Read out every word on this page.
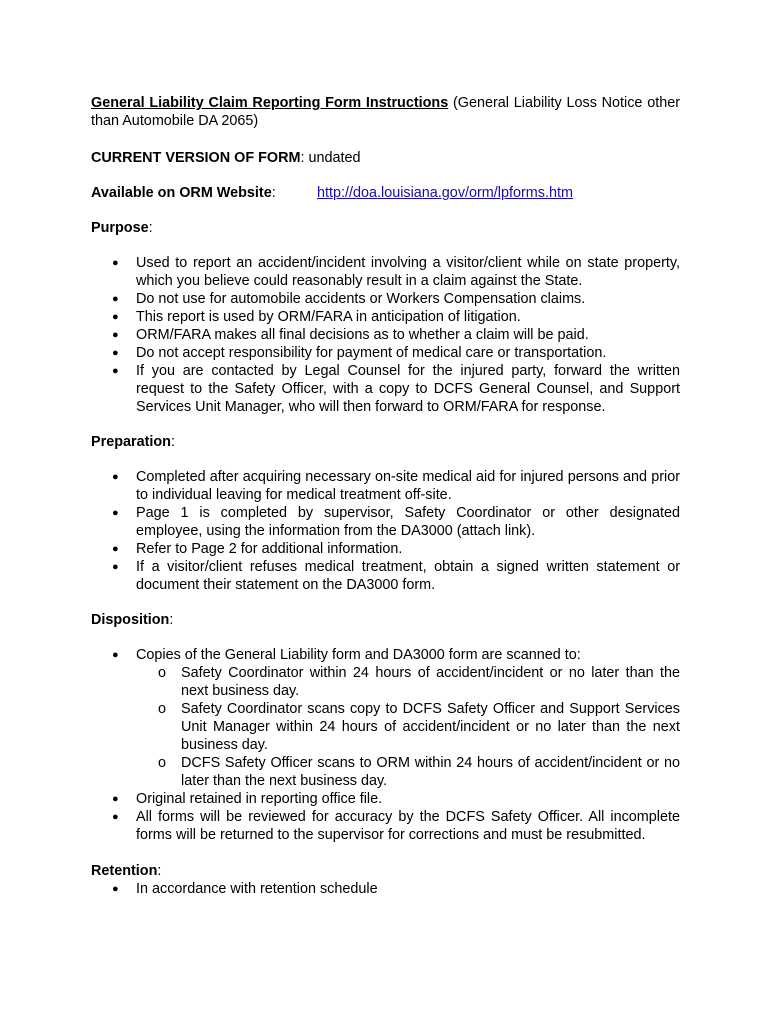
General Liability Claim Reporting Form Instructions (General Liability Loss Notice other than Automobile DA 2065)

CURRENT VERSION OF FORM: undated

Available on ORM Website:	http://doa.louisiana.gov/orm/lpforms.htm

Purpose:

● Used to report an accident/incident involving a visitor/client while on state property, which you believe could reasonably result in a claim against the State.
● Do not use for automobile accidents or Workers Compensation claims.
● This report is used by ORM/FARA in anticipation of litigation.
● ORM/FARA makes all final decisions as to whether a claim will be paid.
● Do not accept responsibility for payment of medical care or transportation.
● If you are contacted by Legal Counsel for the injured party, forward the written request to the Safety Officer, with a copy to DCFS General Counsel, and Support Services Unit Manager, who will then forward to ORM/FARA for response.

Preparation:

● Completed after acquiring necessary on-site medical aid for injured persons and prior to individual leaving for medical treatment off-site.
● Page 1 is completed by supervisor, Safety Coordinator or other designated employee, using the information from the DA3000 (attach link).
● Refer to Page 2 for additional information.
● If a visitor/client refuses medical treatment, obtain a signed written statement or document their statement on the DA3000 form.

Disposition:

● Copies of the General Liability form and DA3000 form are scanned to:
o Safety Coordinator within 24 hours of accident/incident or no later than the next business day.
o Safety Coordinator scans copy to DCFS Safety Officer and Support Services Unit Manager within 24 hours of accident/incident or no later than the next business day.
o DCFS Safety Officer scans to ORM within 24 hours of accident/incident or no later than the next business day.
● Original retained in reporting office file.
● All forms will be reviewed for accuracy by the DCFS Safety Officer. All incomplete forms will be returned to the supervisor for corrections and must be resubmitted.

Retention:

● In accordance with retention schedule
